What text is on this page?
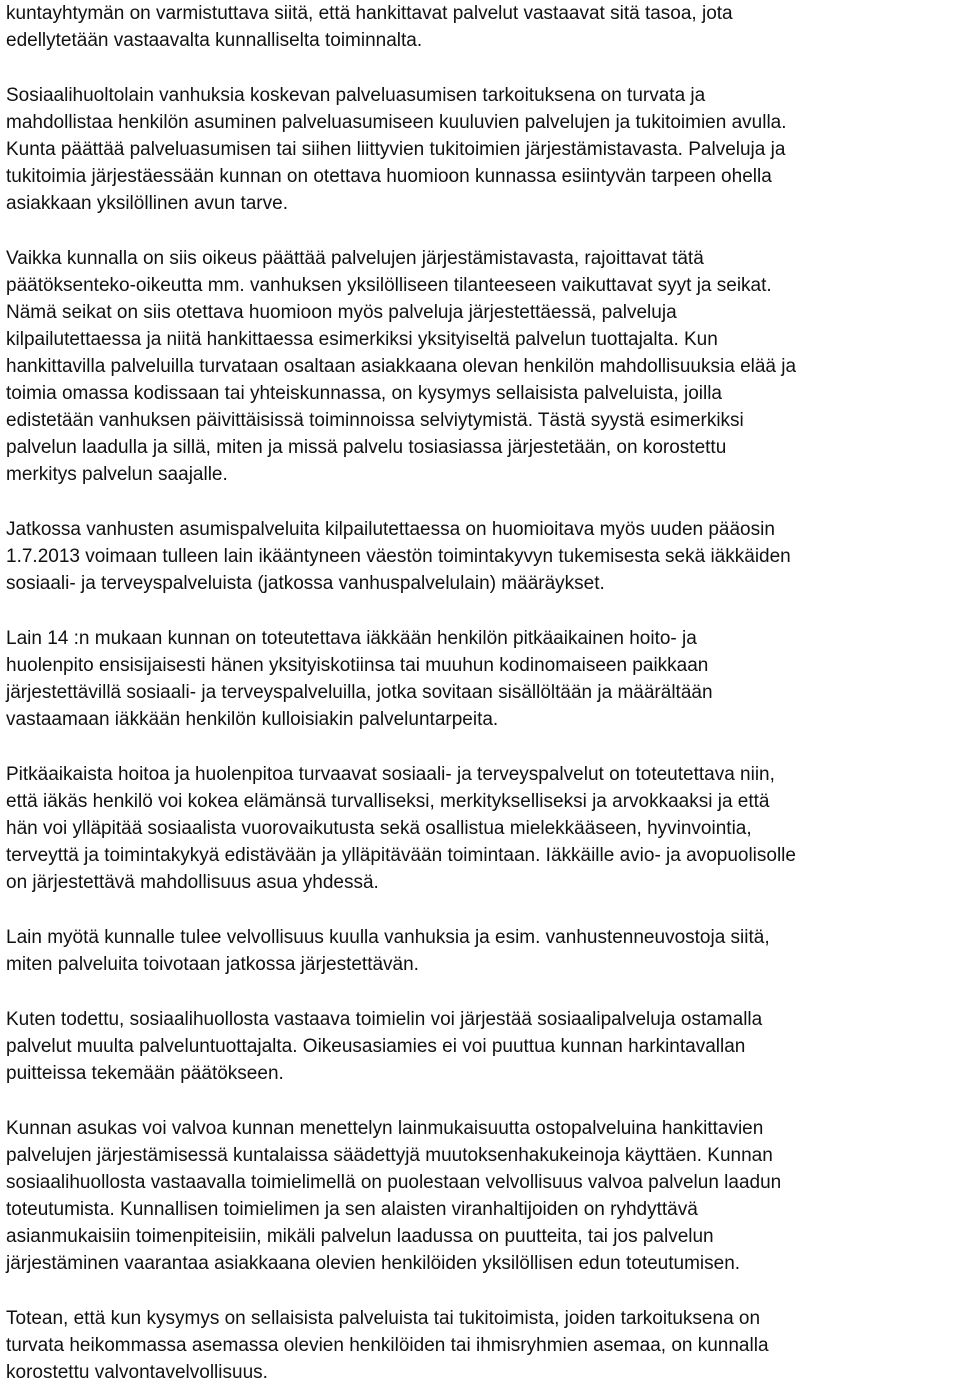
kuntayhtymän on varmistuttava siitä, että hankittavat palvelut vastaavat sitä tasoa, jota
edellytetään vastaavalta kunnalliselta toiminnalta.

Sosiaalihuoltolain vanhuksia koskevan palveluasumisen tarkoituksena on turvata ja
mahdollistaa henkilön asuminen palveluasumiseen kuuluvien palvelujen ja tukitoimien avulla.
Kunta päättää palveluasumisen tai siihen liittyvien tukitoimien järjestämistavasta. Palveluja ja
tukitoimia järjestäessään kunnan on otettava huomioon kunnassa esiintyvän tarpeen ohella
asiakkaan yksilöllinen avun tarve.

Vaikka kunnalla on siis oikeus päättää palvelujen järjestämistavasta, rajoittavat tätä
päätöksenteko-oikeutta mm. vanhuksen yksilölliseen tilanteeseen vaikuttavat syyt ja seikat.
Nämä seikat on siis otettava huomioon myös palveluja järjestettäessä, palveluja
kilpailutettaessa ja niitä hankittaessa esimerkiksi yksityiseltä palvelun tuottajalta. Kun
hankittavilla palveluilla turvataan osaltaan asiakkaana olevan henkilön mahdollisuuksia elää ja
toimia omassa kodissaan tai yhteiskunnassa, on kysymys sellaisista palveluista, joilla
edistetään vanhuksen päivittäisissä toiminnoissa selviytymistä. Tästä syystä esimerkiksi
palvelun laadulla ja sillä, miten ja missä palvelu tosiasiassa järjestetään, on korostettu
merkitys palvelun saajalle.

Jatkossa vanhusten asumispalveluita kilpailutettaessa on huomioitava myös uuden pääosin
1.7.2013 voimaan tulleen lain ikääntyneen väestön toimintakyvyn tukemisesta sekä iäkkäiden
sosiaali- ja terveyspalveluista (jatkossa vanhuspalvelulain) määräykset.

Lain 14 :n mukaan kunnan on toteutettava iäkkään henkilön pitkäaikainen hoito- ja
huolenpito ensisijaisesti hänen yksityiskotiinsa tai muuhun kodinomaiseen paikkaan
järjestettävillä sosiaali- ja terveyspalveluilla, jotka sovitaan sisällöltään ja määrältään
vastaamaan iäkkään henkilön kulloisiakin palveluntarpeita.

Pitkäaikaista hoitoa ja huolenpitoa turvaavat sosiaali- ja terveyspalvelut on toteutettava niin,
että iäkäs henkilö voi kokea elämänsä turvalliseksi, merkitykselliseksi ja arvokkaaksi ja että
hän voi ylläpitää sosiaalista vuorovaikutusta sekä osallistua mielekkääseen, hyvinvointia,
terveyttä ja toimintakykyä edistävään ja ylläpitävään toimintaan. Iäkkäille avio- ja avopuolisolle
on järjestettävä mahdollisuus asua yhdessä.

Lain myötä kunnalle tulee velvollisuus kuulla vanhuksia ja esim. vanhustenneuvostoja siitä,
miten palveluita toivotaan jatkossa järjestettävän.

Kuten todettu, sosiaalihuollosta vastaava toimielin voi järjestää sosiaalipalveluja ostamalla
palvelut muulta palveluntuottajalta. Oikeusasiamies ei voi puuttua kunnan harkintavallan
puitteissa tekemään päätökseen.

Kunnan asukas voi valvoa kunnan menettelyn lainmukaisuutta ostopalveluina hankittavien
palvelujen järjestämisessä kuntalaissa säädettyjä muutoksenhakukeinoja käyttäen. Kunnan
sosiaalihuollosta vastaavalla toimielimellä on puolestaan velvollisuus valvoa palvelun laadun
toteutumista. Kunnallisen toimielimen ja sen alaisten viranhaltijoiden on ryhdyttävä
asianmukaisiin toimenpiteisiin, mikäli palvelun laadussa on puutteita, tai jos palvelun
järjestäminen vaarantaa asiakkaana olevien henkilöiden yksilöllisen edun toteutumisen.

Totean, että kun kysymys on sellaisista palveluista tai tukitoimista, joiden tarkoituksena on
turvata heikommassa asemassa olevien henkilöiden tai ihmisryhmien asemaa, on kunnalla
korostettu valvontavelvollisuus.
